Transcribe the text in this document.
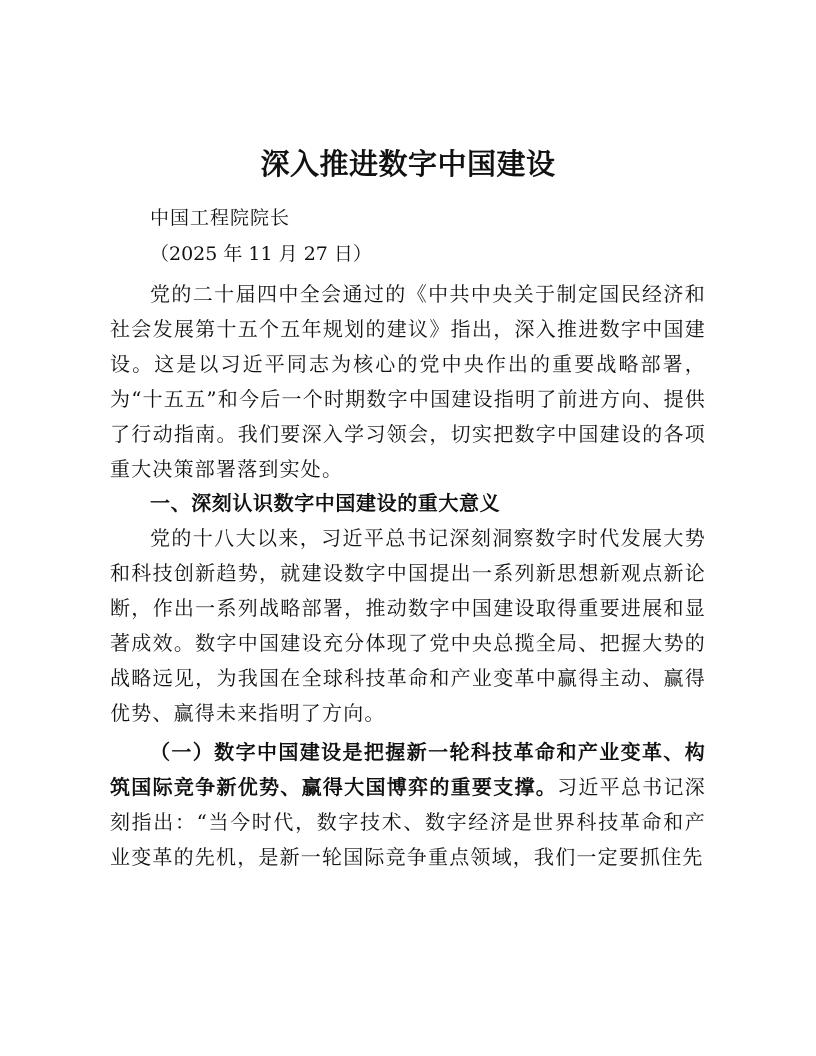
深入推进数字中国建设
中国工程院院长
（2025 年 11 月 27 日）

党的二十届四中全会通过的《中共中央关于制定国民经济和社会发展第十五个五年规划的建议》指出，深入推进数字中国建设。这是以习近平同志为核心的党中央作出的重要战略部署，为“十五五”和今后一个时期数字中国建设指明了前进方向、提供了行动指南。我们要深入学习领会，切实把数字中国建设的各项重大决策部署落到实处。

一、深刻认识数字中国建设的重大意义

党的十八大以来，习近平总书记深刻洞察数字时代发展大势和科技创新趋势，就建设数字中国提出一系列新思想新观点新论断，作出一系列战略部署，推动数字中国建设取得重要进展和显著成效。数字中国建设充分体现了党中央总揽全局、把握大势的战略远见，为我国在全球科技革命和产业变革中赢得主动、赢得优势、赢得未来指明了方向。

（一）数字中国建设是把握新一轮科技革命和产业变革、构筑国际竞争新优势、赢得大国博弈的重要支撑。习近平总书记深刻指出：“当今时代，数字技术、数字经济是世界科技革命和产业变革的先机，是新一轮国际竞争重点领域，我们一定要抓住先
